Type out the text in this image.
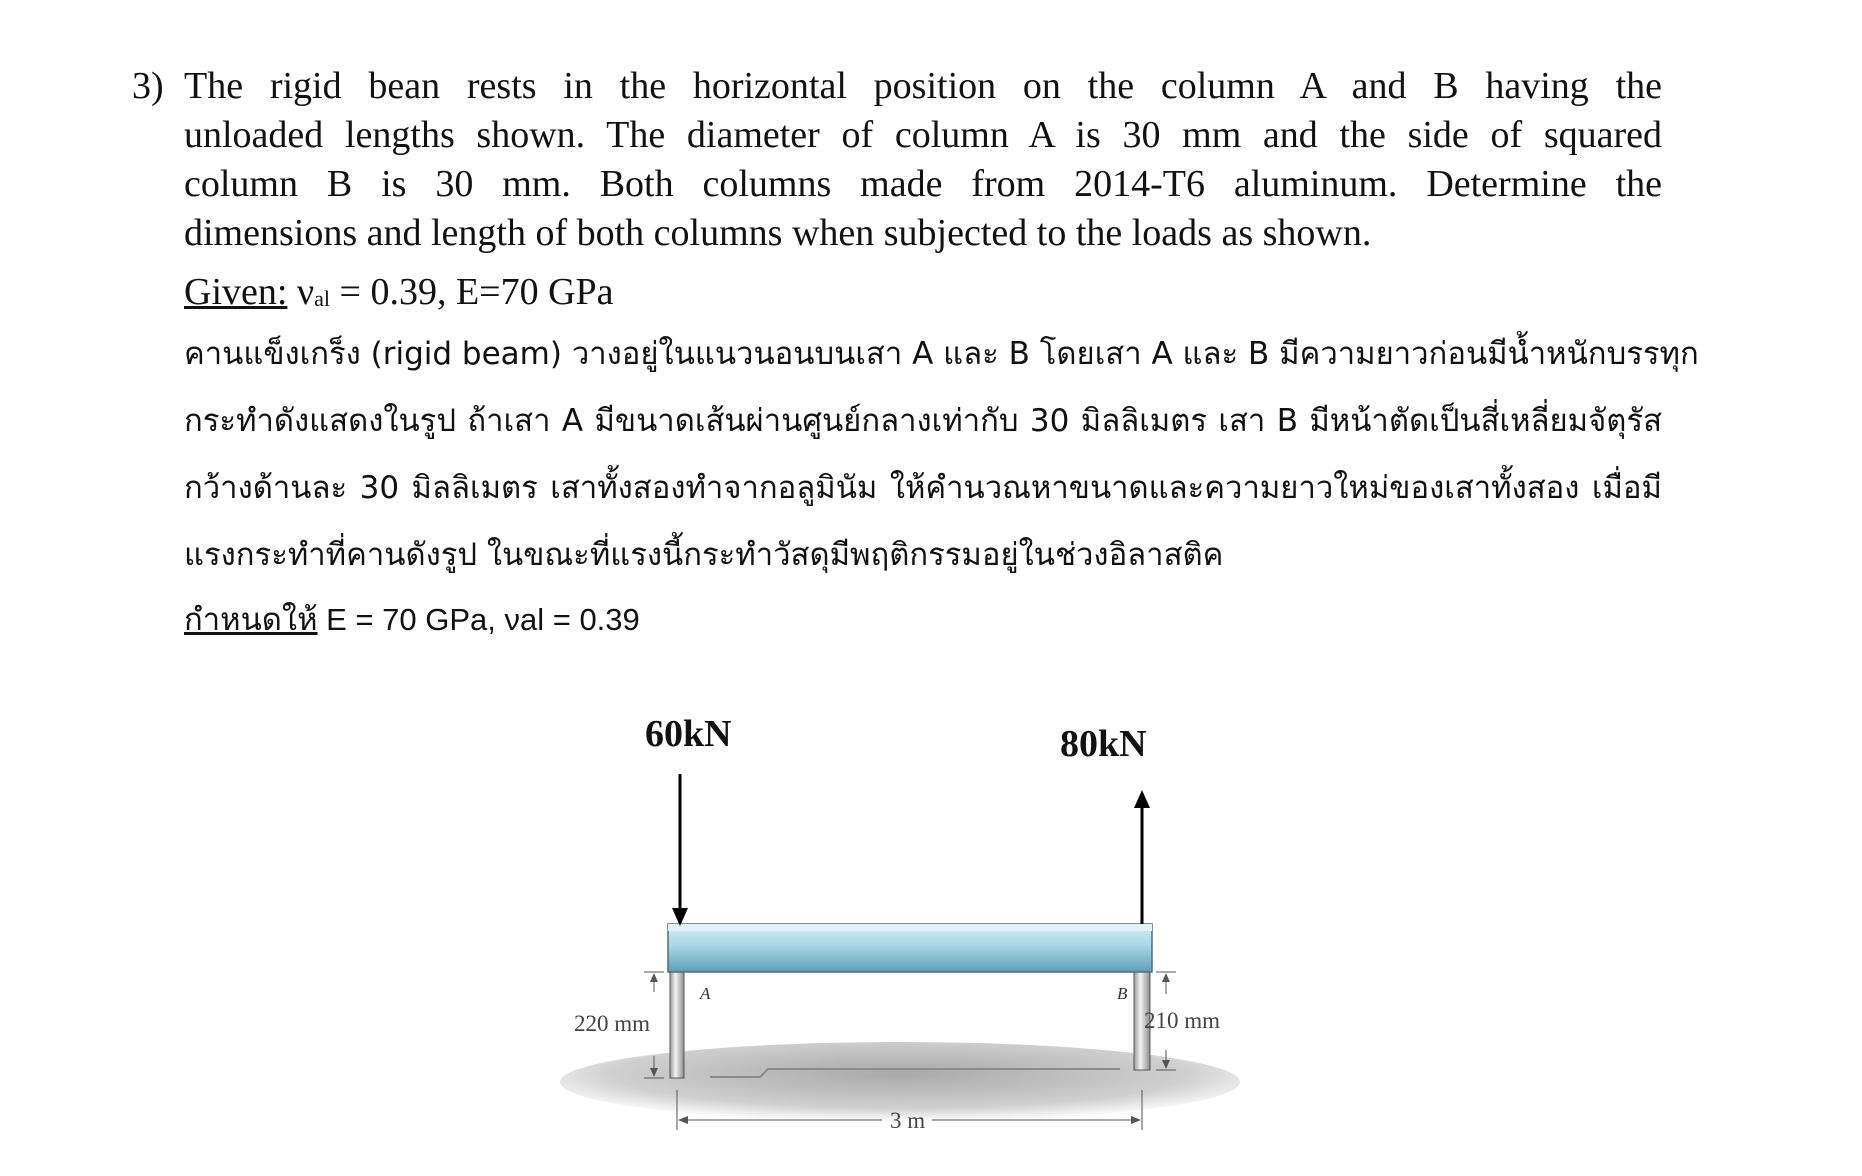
3) The rigid bean rests in the horizontal position on the column A and B having the
unloaded lengths shown. The diameter of column A is 30 mm and the side of squared
column B is 30 mm. Both columns made from 2014-T6 aluminum. Determine the
dimensions and length of both columns when subjected to the loads as shown.
Given: νal = 0.39, E=70 GPa
คานแข็งเกร็ง (rigid beam) วางอยู่ในแนวนอนบนเสา A และ B โดยเสา A และ B มีความยาวก่อนมีน้ำหนักบรรทุก
กระทำดังแสดงในรูป ถ้าเสา A มีขนาดเส้นผ่านศูนย์กลางเท่ากับ 30 มิลลิเมตร เสา B มีหน้าตัดเป็นสี่เหลี่ยมจัตุรัส
กว้างด้านละ 30 มิลลิเมตร เสาทั้งสองทำจากอลูมินัม ให้คำนวณหาขนาดและความยาวใหม่ของเสาทั้งสอง เมื่อมี
แรงกระทำที่คานดังรูป ในขณะที่แรงนี้กระทำวัสดุมีพฤติกรรมอยู่ในช่วงอิลาสติค
กำหนดให้ E = 70 GPa, νal = 0.39
60kN	80kN
A	B
220 mm	210 mm
3 m
